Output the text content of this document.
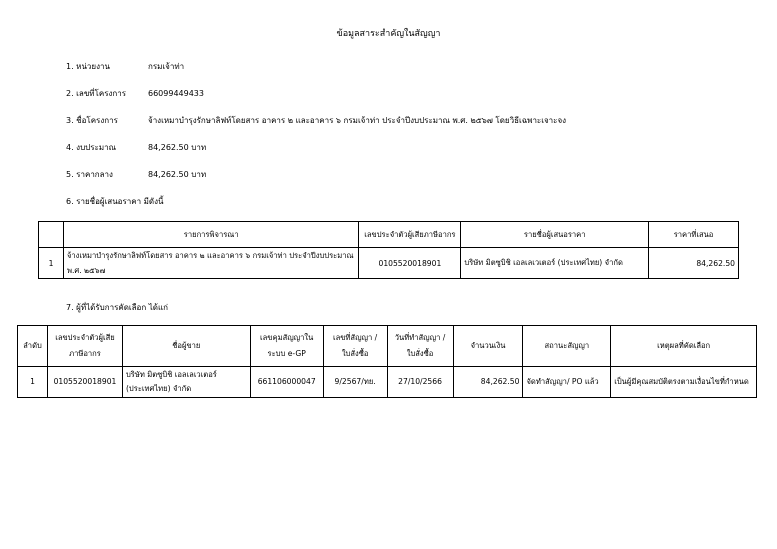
ข้อมูลสาระสำคัญในสัญญา
1. หน่วยงาน	กรมเจ้าท่า
2. เลขที่โครงการ	66099449433
3. ชื่อโครงการ	จ้างเหมาบำรุงรักษาลิฟท์โดยสาร อาคาร ๒ และอาคาร ๖ กรมเจ้าท่า ประจำปีงบประมาณ พ.ศ. ๒๕๖๗ โดยวิธีเฉพาะเจาะจง
4. งบประมาณ	84,262.50 บาท
5. ราคากลาง	84,262.50 บาท
6. รายชื่อผู้เสนอราคา มีดังนี้
	รายการพิจารณา	เลขประจำตัวผู้เสียภาษีอากร	รายชื่อผู้เสนอราคา	ราคาที่เสนอ
1	จ้างเหมาบำรุงรักษาลิฟท์โดยสาร อาคาร ๒ และอาคาร ๖ กรมเจ้าท่า ประจำปีงบประมาณ พ.ศ. ๒๕๖๗	0105520018901	บริษัท มิตซูบิชิ เอลเลเวเตอร์ (ประเทศไทย) จำกัด	84,262.50
7. ผู้ที่ได้รับการคัดเลือก ได้แก่
ลำดับ	เลขประจำตัวผู้เสียภาษีอากร	ชื่อผู้ขาย	เลขคุมสัญญาในระบบ e-GP	เลขที่สัญญา / ใบสั่งซื้อ	วันที่ทำสัญญา / ใบสั่งซื้อ	จำนวนเงิน	สถานะสัญญา	เหตุผลที่คัดเลือก
1	0105520018901	บริษัท มิตซูบิชิ เอลเลเวเตอร์ (ประเทศไทย) จำกัด	661106000047	9/2567/ทย.	27/10/2566	84,262.50	จัดทำสัญญา/ PO แล้ว	เป็นผู้มีคุณสมบัติตรงตามเงื่อนไขที่กำหนด
